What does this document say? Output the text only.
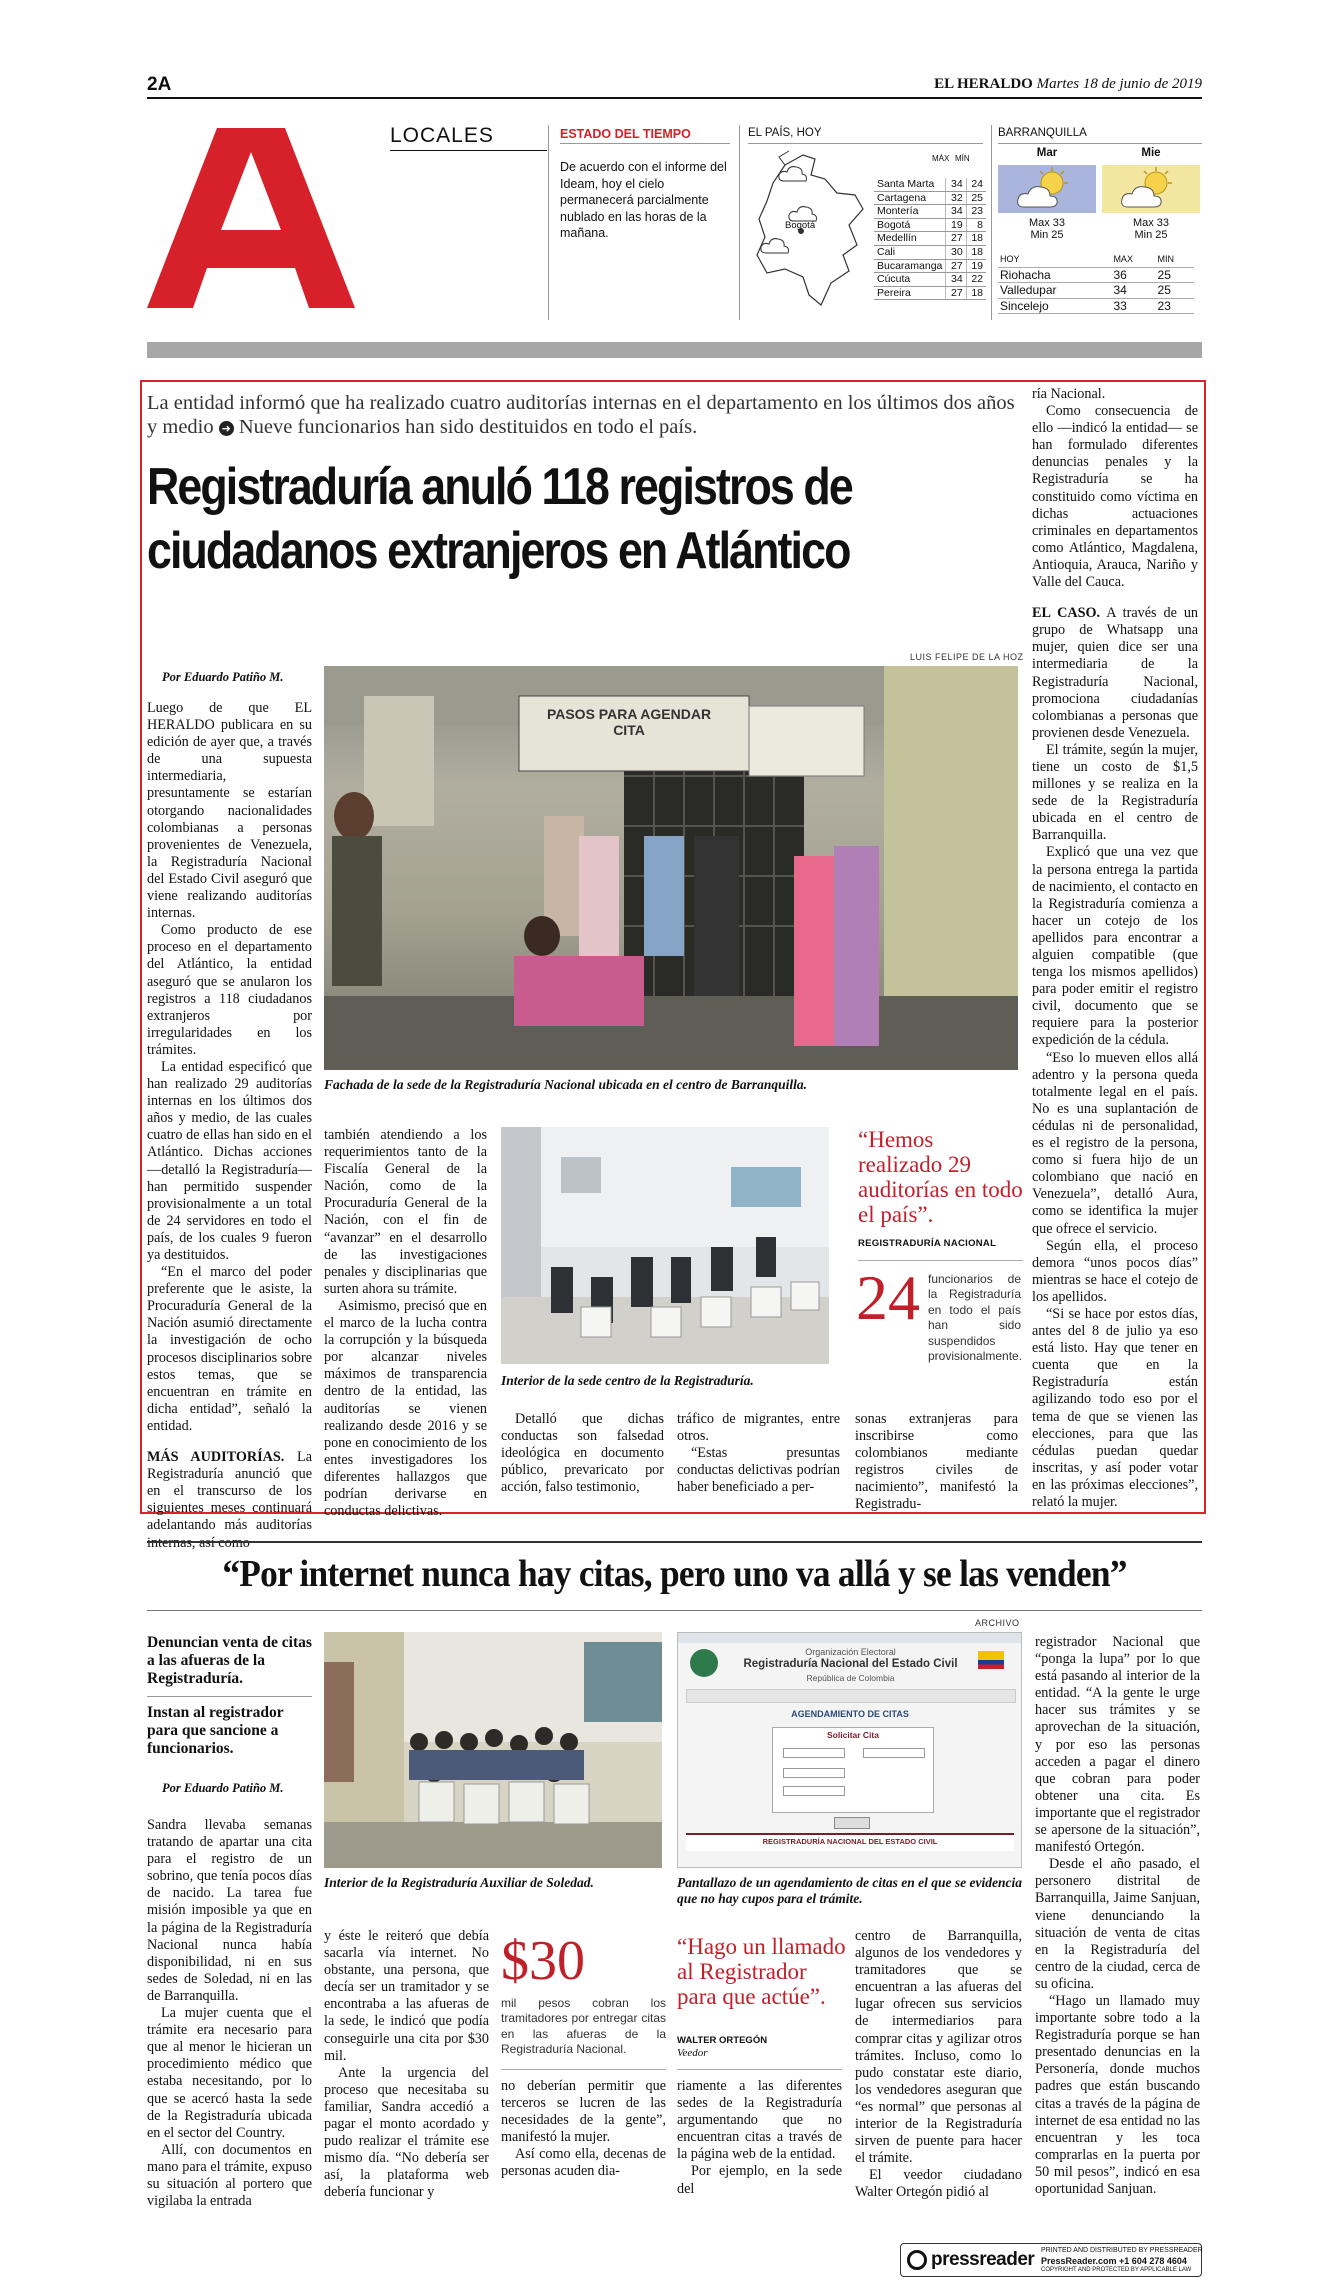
2A	EL HERALDO Martes 18 de junio de 2019
LOCALES	ESTADO DEL TIEMPO
De acuerdo con el informe del Ideam, hoy el cielo permanecerá parcialmente nublado en las horas de la mañana.
EL PAÍS, HOY
Bogotá
MÁX MÍN
Santa Marta	34	24
Cartagena	32	25
Montería	34	23
Bogotá	19	8
Medellín	27	18
Cali	30	18
Bucaramanga	27	19
Cúcuta	34	22
Pereira	27	18
BARRANQUILLA
Mar
Max 33
Min 25
Mie
Max 33
Min 25
HOY	MAX	MIN
Riohacha	36	25
Valledupar	34	25
Sincelejo	33	23
La entidad informó que ha realizado cuatro auditorías internas en el departamento en los últimos dos años y medio ➜ Nueve funcionarios han sido destituidos en todo el país.
Registraduría anuló 118 registros de
ciudadanos extranjeros en Atlántico
LUIS FELIPE DE LA HOZ
PASOS PARA AGENDAR CITA
Fachada de la sede de la Registraduría Nacional ubicada en el centro de Barranquilla.
Por Eduardo Patiño M.

Luego de que EL HERALDO publicara en su edición de ayer que, a través de una supuesta intermediaria, presuntamente se estarían otorgando nacionalidades colombianas a personas provenientes de Venezuela, la Registraduría Nacional del Estado Civil aseguró que viene realizando auditorías internas.

Como producto de ese proceso en el departamento del Atlántico, la entidad aseguró que se anularon los registros a 118 ciudadanos extranjeros por irregularidades en los trámites.

La entidad especificó que han realizado 29 auditorías internas en los últimos dos años y medio, de las cuales cuatro de ellas han sido en el Atlántico. Dichas acciones —detalló la Registraduría— han permitido suspender provisionalmente a un total de 24 servidores en todo el país, de los cuales 9 fueron ya destituidos.

“En el marco del poder preferente que le asiste, la Procuraduría General de la Nación asumió directamente la investigación de ocho procesos disciplinarios sobre estos temas, que se encuentran en trámite en dicha entidad”, señaló la entidad.

MÁS AUDITORÍAS. La Registraduría anunció que en el transcurso de los siguientes meses continuará adelantando más auditorías

también atendiendo a los requerimientos tanto de la Fiscalía General de la Nación, como de la Procuraduría General de la Nación, con el fin de “avanzar” en el desarrollo de las investigaciones penales y disciplinarias que surten ahora su trámite.

Asimismo, precisó que en el marco de la lucha contra la corrupción y la búsqueda por alcanzar niveles máximos de transparencia dentro de la entidad, las auditorías se vienen realizando desde 2016 y se pone en conocimiento de los entes investigadores los diferentes hallazgos que podrían derivarse en conductas delictivas.

Interior de la sede centro de la Registraduría.
“Hemos realizado 29 auditorías en todo el país”.
REGISTRADURÍA NACIONAL
24 funcionarios de la Registraduría en todo el país han sido suspendidos provisionalmente.

Detalló que dichas conductas son falsedad ideológica en documento público, prevaricato por acción, falso testimonio,

tráfico de migrantes, entre otros.

“Estas presuntas conductas delictivas podrían haber beneficiado a per-

sonas extranjeras para inscribirse como colombianos mediante registros civiles de nacimiento”, manifestó la Registradu-

ría Nacional.

Como consecuencia de ello —indicó la entidad— se han formulado diferentes denuncias penales y la Registraduría se ha constituido como víctima en dichas actuaciones criminales en departamentos como Atlántico, Magdalena, Antioquia, Arauca, Nariño y Valle del Cauca.

EL CASO. A través de un grupo de Whatsapp una mujer, quien dice ser una intermediaria de la Registraduría Nacional, promociona ciudadanías colombianas a personas que provienen desde Venezuela.

El trámite, según la mujer, tiene un costo de $1,5 millones y se realiza en la sede de la Registraduría ubicada en el centro de Barranquilla.

Explicó que una vez que la persona entrega la partida de nacimiento, el contacto en la Registraduría comienza a hacer un cotejo de los apellidos para encontrar a alguien compatible (que tenga los mismos apellidos) para poder emitir el registro civil, documento que se requiere para la posterior expedición de la cédula.

“Eso lo mueven ellos allá adentro y la persona queda totalmente legal en el país. No es una suplantación de cédulas ni de personalidad, es el registro de la persona, como si fuera hijo de un colombiano que nació en Venezuela”, detalló Aura, como se identifica la mujer que ofrece el servicio.

Según ella, el proceso demora “unos pocos días” mientras se hace el cotejo de los apellidos.

“Si se hace por estos días, antes del 8 de julio ya eso está listo. Hay que tener en cuenta que en la Registraduría están agilizando todo eso por el tema de que se vienen las elecciones, para que las cédulas puedan quedar inscritas, y así poder votar en las próximas elecciones”, relató la mujer.

“Por internet nunca hay citas, pero uno va allá y se las venden”
Denuncian venta de citas a las afueras de la Registraduría.
Instan al registrador para que sancione a funcionarios.
Por Eduardo Patiño M.
ARCHIVO
Interior de la Registraduría Auxiliar de Soledad.
Organización Electoral
Registraduría Nacional del Estado Civil
República de Colombia
AGENDAMIENTO DE CITAS
Solicitar Cita
REGISTRADURÍA NACIONAL DEL ESTADO CIVIL
Pantallazo de un agendamiento de citas en el que se evidencia que no hay cupos para el trámite.

Sandra llevaba semanas tratando de apartar una cita para el registro de un sobrino, que tenía pocos días de nacido. La tarea fue misión imposible ya que en la página de la Registraduría Nacional nunca había disponibilidad, ni en sus sedes de Soledad, ni en las de Barranquilla.

La mujer cuenta que el trámite era necesario para que al menor le hicieran un procedimiento médico que estaba necesitando, por lo que se acercó hasta la sede de la Registraduría ubicada en el sector del Country.

Allí, con documentos en mano para el trámite, expuso su situación al portero que vigilaba la entrada

y éste le reiteró que debía sacarla vía internet. No obstante, una persona, que decía ser un tramitador y se encontraba a las afueras de la sede, le indicó que podía conseguirle una cita por $30 mil.

Ante la urgencia del proceso que necesitaba su familiar, Sandra accedió a pagar el monto acordado y pudo realizar el trámite ese mismo día. “No debería ser así, la plataforma web debería funcionar y

$30
mil pesos cobran los tramitadores por entregar citas en las afueras de la Registraduría Nacional.

no deberían permitir que terceros se lucren de las necesidades de la gente”, manifestó la mujer.

Así como ella, decenas de personas acuden dia-

“Hago un llamado al Registrador para que actúe”.
WALTER ORTEGÓN
Veedor

riamente a las diferentes sedes de la Registraduría argumentando que no encuentran citas a través de la página web de la entidad.

Por ejemplo, en la sede del

centro de Barranquilla, algunos de los vendedores y tramitadores que se encuentran a las afueras del lugar ofrecen sus servicios de intermediarios para comprar citas y agilizar otros trámites. Incluso, como lo pudo constatar este diario, los vendedores aseguran que “es normal” que personas al interior de la Registraduría sirven de puente para hacer el trámite.

El veedor ciudadano Walter Ortegón pidió al

registrador Nacional que “ponga la lupa” por lo que está pasando al interior de la entidad. “A la gente le urge hacer sus trámites y se aprovechan de la situación, y por eso las personas acceden a pagar el dinero que cobran para poder obtener una cita. Es importante que el registrador se apersone de la situación”, manifestó Ortegón.

Desde el año pasado, el personero distrital de Barranquilla, Jaime Sanjuan, viene denunciando la situación de venta de citas en la Registraduría del centro de la ciudad, cerca de su oficina.

“Hago un llamado muy importante sobre todo a la Registraduría porque se han presentado denuncias en la Personería, donde muchos padres que están buscando citas a través de la página de internet de esa entidad no las encuentran y les toca comprarlas en la puerta por 50 mil pesos”, indicó en esa oportunidad Sanjuan.

pressreader PRINTED AND DISTRIBUTED BY PRESSREADER
PressReader.com +1 604 278 4604
COPYRIGHT AND PROTECTED BY APPLICABLE LAW
